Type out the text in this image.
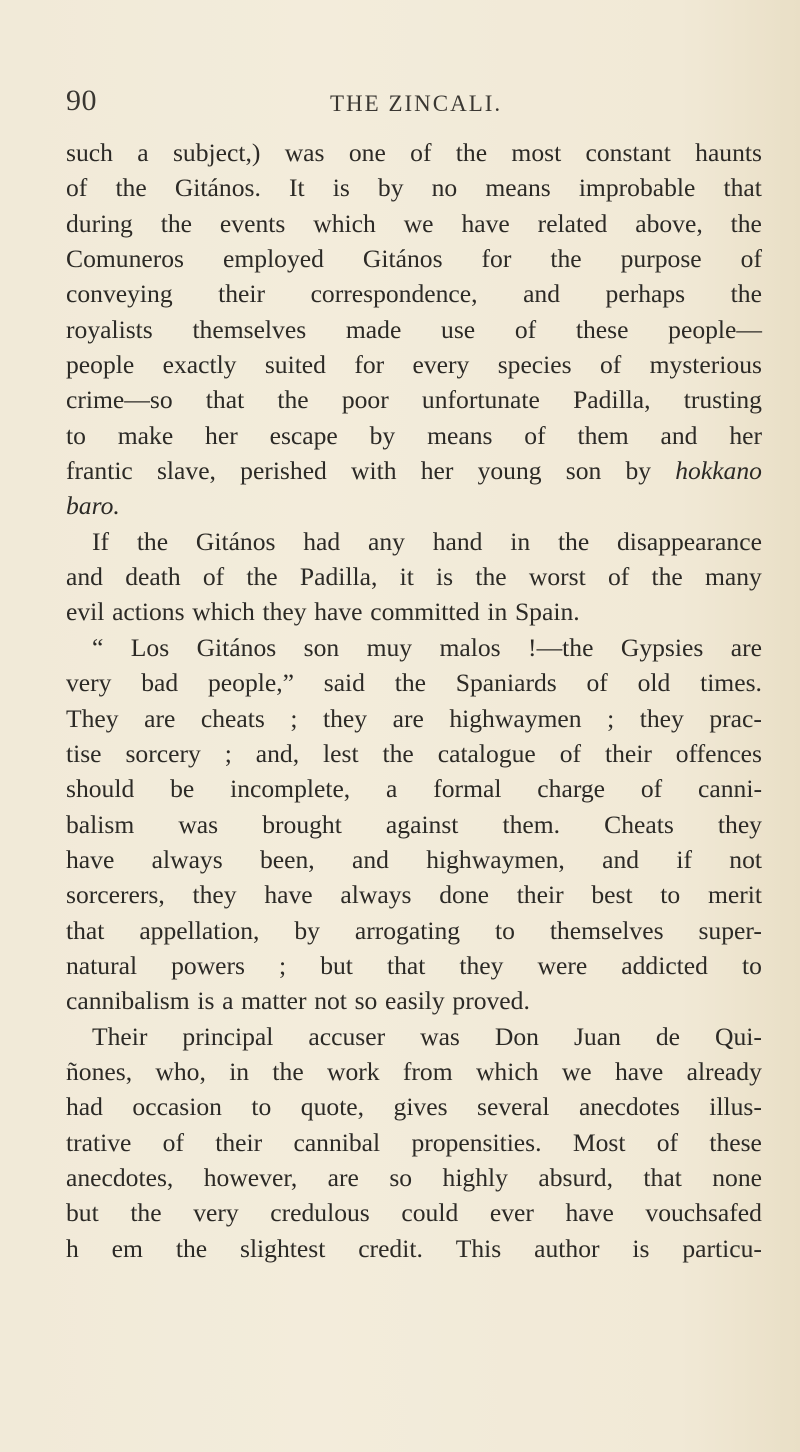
90	THE ZINCALI.
such a subject,) was one of the most constant haunts
of the Gitános. It is by no means improbable that
during the events which we have related above, the
Comuneros employed Gitános for the purpose of
conveying their correspondence, and perhaps the
royalists themselves made use of these people—
people exactly suited for every species of mysterious
crime—so that the poor unfortunate Padilla, trusting
to make her escape by means of them and her
frantic slave, perished with her young son by hokkano
baro.
If the Gitános had any hand in the disappearance
and death of the Padilla, it is the worst of the many
evil actions which they have committed in Spain.
“ Los Gitános son muy malos !—the Gypsies are
very bad people,” said the Spaniards of old times.
They are cheats ; they are highwaymen ; they prac-
tise sorcery ; and, lest the catalogue of their offences
should be incomplete, a formal charge of canni-
balism was brought against them. Cheats they
have always been, and highwaymen, and if not
sorcerers, they have always done their best to merit
that appellation, by arrogating to themselves super-
natural powers ; but that they were addicted to
cannibalism is a matter not so easily proved.
Their principal accuser was Don Juan de Qui-
ñones, who, in the work from which we have already
had occasion to quote, gives several anecdotes illus-
trative of their cannibal propensities. Most of these
anecdotes, however, are so highly absurd, that none
but the very credulous could ever have vouchsafed
h em the slightest credit. This author is particu-
